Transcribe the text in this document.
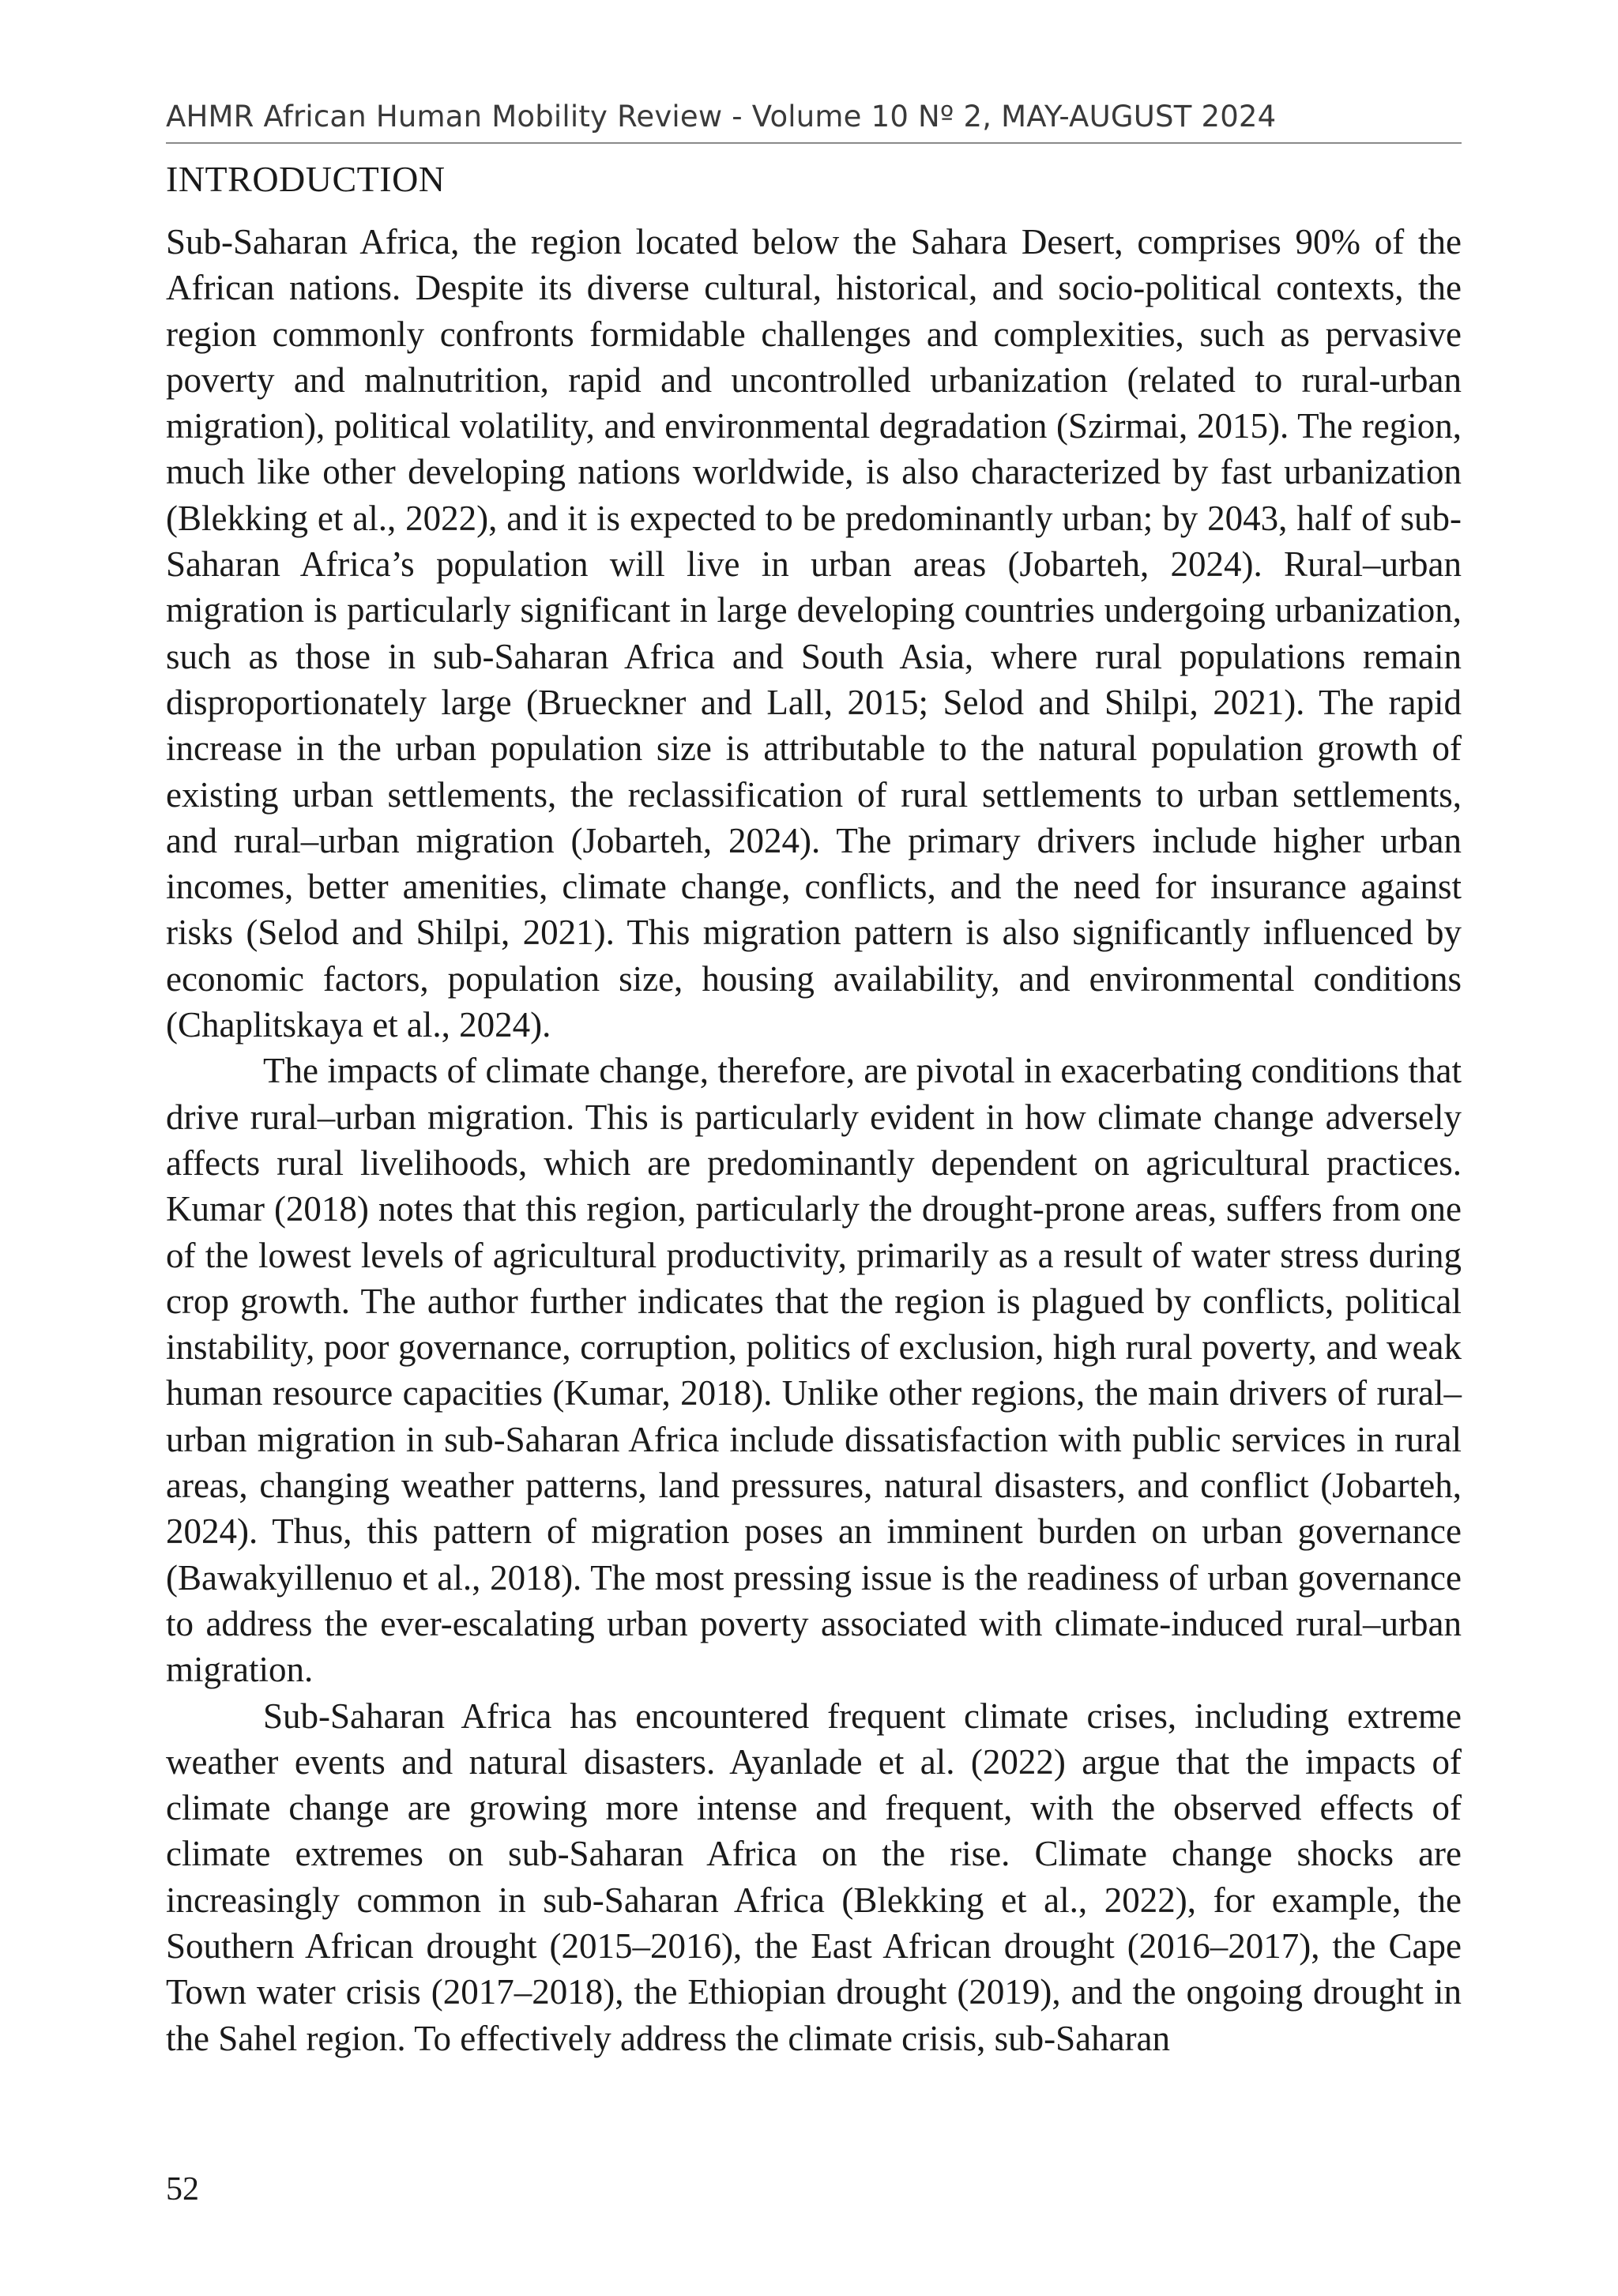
AHMR African Human Mobility Review - Volume 10 Nº 2, MAY-AUGUST 2024
INTRODUCTION

Sub-Saharan Africa, the region located below the Sahara Desert, comprises 90% of the African nations. Despite its diverse cultural, historical, and socio-political contexts, the region commonly confronts formidable challenges and complexities, such as pervasive poverty and malnutrition, rapid and uncontrolled urbanization (related to rural-urban migration), political volatility, and environmental degradation (Szirmai, 2015). The region, much like other developing nations worldwide, is also characterized by fast urbanization (Blekking et al., 2022), and it is expected to be predominantly urban; by 2043, half of sub-Saharan Africa’s population will live in urban areas (Jobarteh, 2024). Rural–urban migration is particularly significant in large developing countries undergoing urbanization, such as those in sub-Saharan Africa and South Asia, where rural populations remain disproportionately large (Brueckner and Lall, 2015; Selod and Shilpi, 2021). The rapid increase in the urban population size is attributable to the natural population growth of existing urban settlements, the reclassification of rural settlements to urban settlements, and rural–urban migration (Jobarteh, 2024). The primary drivers include higher urban incomes, better amenities, climate change, conflicts, and the need for insurance against risks (Selod and Shilpi, 2021). This migration pattern is also significantly influenced by economic factors, population size, housing availability, and environmental conditions (Chaplitskaya et al., 2024).

The impacts of climate change, therefore, are pivotal in exacerbating conditions that drive rural–urban migration. This is particularly evident in how climate change adversely affects rural livelihoods, which are predominantly dependent on agricultural practices. Kumar (2018) notes that this region, particularly the drought-prone areas, suffers from one of the lowest levels of agricultural productivity, primarily as a result of water stress during crop growth. The author further indicates that the region is plagued by conflicts, political instability, poor governance, corruption, politics of exclusion, high rural poverty, and weak human resource capacities (Kumar, 2018). Unlike other regions, the main drivers of rural–urban migration in sub-Saharan Africa include dissatisfaction with public services in rural areas, changing weather patterns, land pressures, natural disasters, and conflict (Jobarteh, 2024). Thus, this pattern of migration poses an imminent burden on urban governance (Bawakyillenuo et al., 2018). The most pressing issue is the readiness of urban governance to address the ever-escalating urban poverty associated with climate-induced rural–urban migration.

Sub-Saharan Africa has encountered frequent climate crises, including extreme weather events and natural disasters. Ayanlade et al. (2022) argue that the impacts of climate change are growing more intense and frequent, with the observed effects of climate extremes on sub-Saharan Africa on the rise. Climate change shocks are increasingly common in sub-Saharan Africa (Blekking et al., 2022), for example, the Southern African drought (2015–2016), the East African drought (2016–2017), the Cape Town water crisis (2017–2018), the Ethiopian drought (2019), and the ongoing drought in the Sahel region. To effectively address the climate crisis, sub-Saharan

52
